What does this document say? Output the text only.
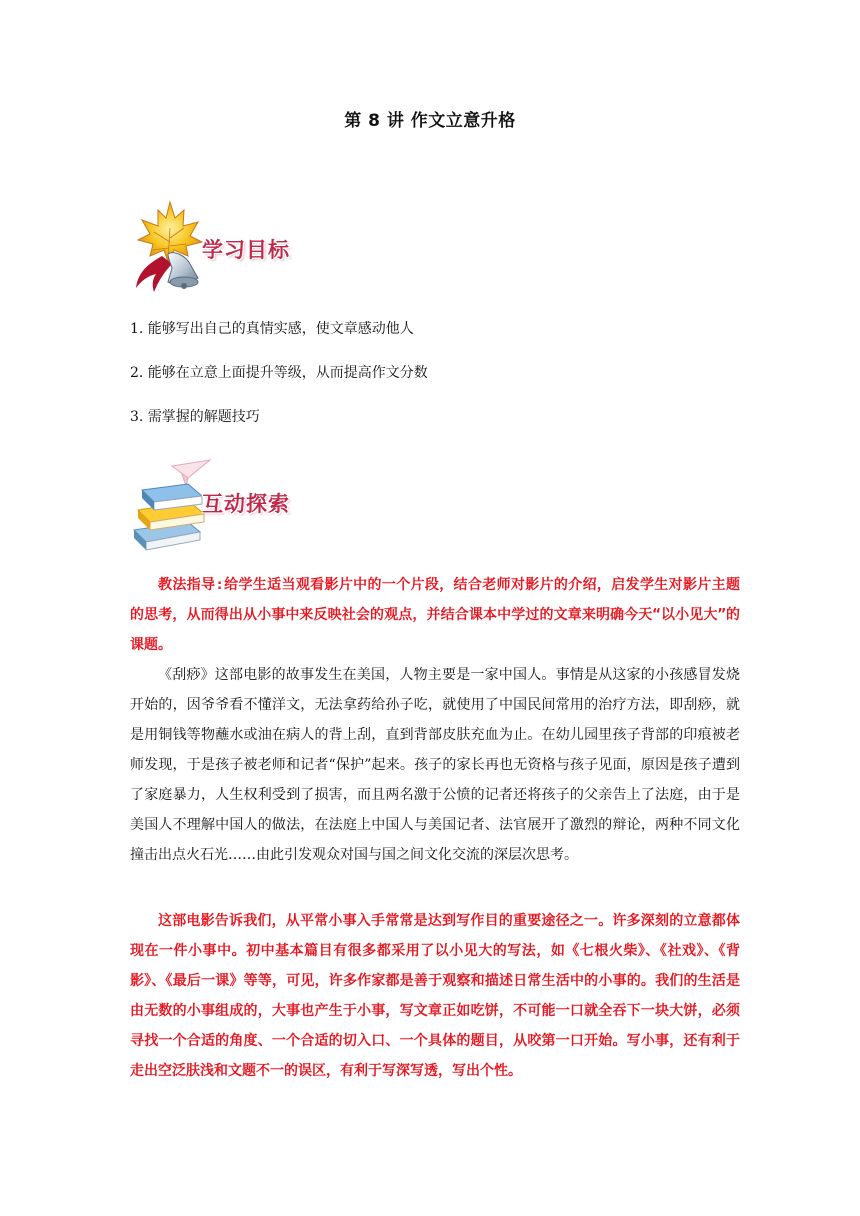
第 8 讲 作文立意升格
学习目标
1. 能够写出自己的真情实感，使文章感动他人
2. 能够在立意上面提升等级，从而提高作文分数
3. 需掌握的解题技巧
互动探索

教法指导:给学生适当观看影片中的一个片段，结合老师对影片的介绍，启发学生对影片主题的思考，从而得出从小事中来反映社会的观点，并结合课本中学过的文章来明确今天“以小见大”的课题。

《刮痧》这部电影的故事发生在美国，人物主要是一家中国人。事情是从这家的小孩感冒发烧开始的，因爷爷看不懂洋文，无法拿药给孙子吃，就使用了中国民间常用的治疗方法，即刮痧，就是用铜钱等物蘸水或油在病人的背上刮，直到背部皮肤充血为止。在幼儿园里孩子背部的印痕被老师发现，于是孩子被老师和记者“保护”起来。孩子的家长再也无资格与孩子见面，原因是孩子遭到了家庭暴力，人生权利受到了损害，而且两名激于公愤的记者还将孩子的父亲告上了法庭，由于是美国人不理解中国人的做法，在法庭上中国人与美国记者、法官展开了激烈的辩论，两种不同文化撞击出点火石光……由此引发观众对国与国之间文化交流的深层次思考。

这部电影告诉我们，从平常小事入手常常是达到写作目的重要途径之一。许多深刻的立意都体现在一件小事中。初中基本篇目有很多都采用了以小见大的写法，如《七根火柴》、《社戏》、《背影》、《最后一课》等等，可见，许多作家都是善于观察和描述日常生活中的小事的。我们的生活是由无数的小事组成的，大事也产生于小事，写文章正如吃饼，不可能一口就全吞下一块大饼，必须寻找一个合适的角度、一个合适的切入口、一个具体的题目，从咬第一口开始。写小事，还有利于走出空泛肤浅和文题不一的误区，有利于写深写透，写出个性。
